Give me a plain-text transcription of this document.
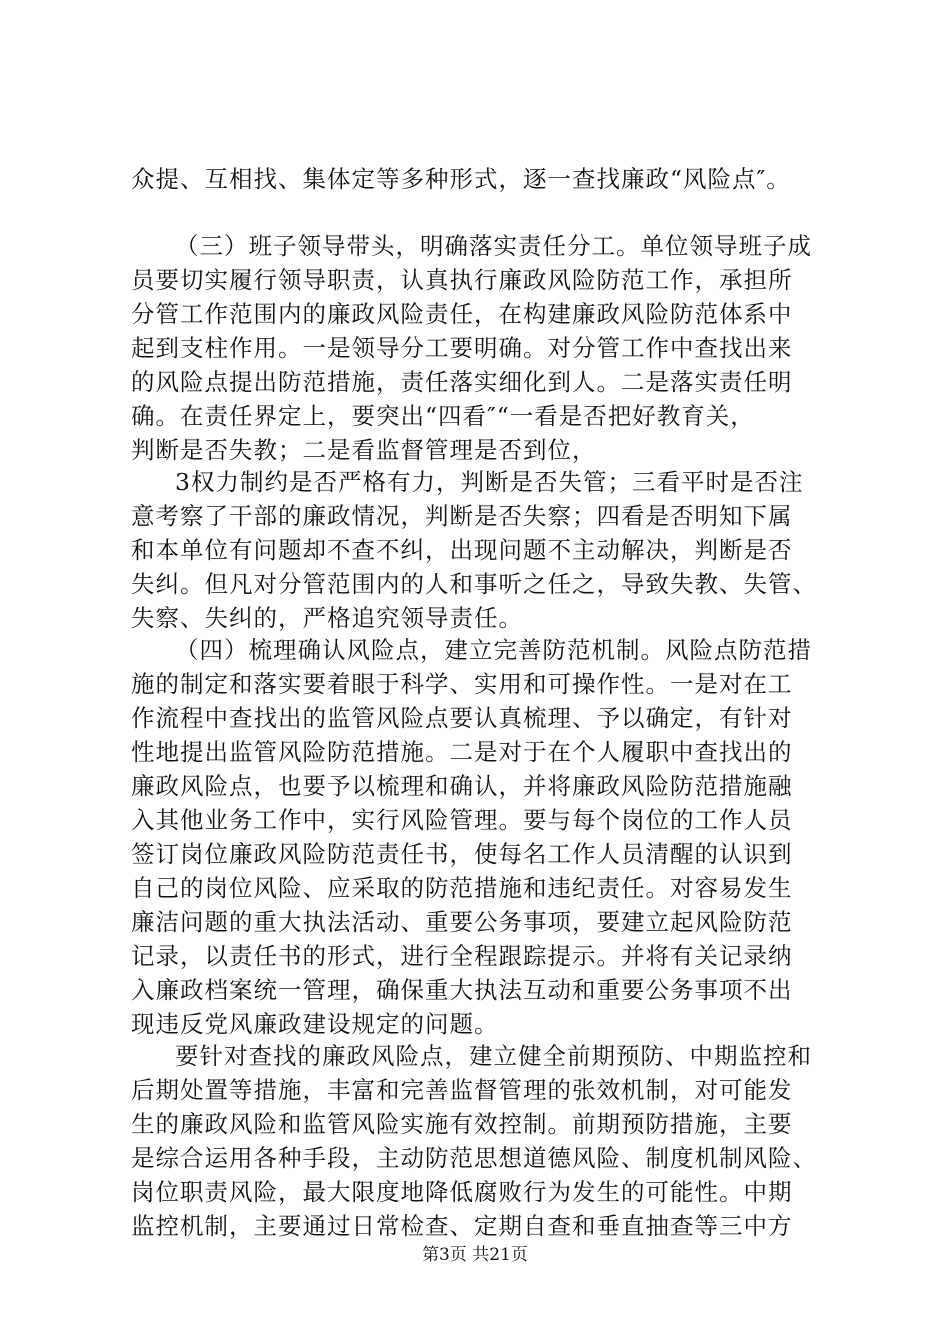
众提、互相找、集体定等多种形式，逐一查找廉政“风险点″。
（三）班子领导带头，明确落实责任分工。单位领导班子成
员要切实履行领导职责，认真执行廉政风险防范工作，承担所
分管工作范围内的廉政风险责任，在构建廉政风险防范体系中
起到支柱作用。一是领导分工要明确。对分管工作中查找出来
的风险点提出防范措施，责任落实细化到人。二是落实责任明
确。在责任界定上，要突出“四看″“一看是否把好教育关，
判断是否失教；二是看监督管理是否到位，
3权力制约是否严格有力，判断是否失管；三看平时是否注
意考察了干部的廉政情况，判断是否失察；四看是否明知下属
和本单位有问题却不查不纠，出现问题不主动解决，判断是否
失纠。但凡对分管范围内的人和事听之任之，导致失教、失管、
失察、失纠的，严格追究领导责任。
（四）梳理确认风险点，建立完善防范机制。风险点防范措
施的制定和落实要着眼于科学、实用和可操作性。一是对在工
作流程中查找出的监管风险点要认真梳理、予以确定，有针对
性地提出监管风险防范措施。二是对于在个人履职中查找出的
廉政风险点，也要予以梳理和确认，并将廉政风险防范措施融
入其他业务工作中，实行风险管理。要与每个岗位的工作人员
签订岗位廉政风险防范责任书，使每名工作人员清醒的认识到
自己的岗位风险、应采取的防范措施和违纪责任。对容易发生
廉洁问题的重大执法活动、重要公务事项，要建立起风险防范
记录，以责任书的形式，进行全程跟踪提示。并将有关记录纳
入廉政档案统一管理，确保重大执法互动和重要公务事项不出
现违反党风廉政建设规定的问题。
要针对查找的廉政风险点，建立健全前期预防、中期监控和
后期处置等措施，丰富和完善监督管理的张效机制，对可能发
生的廉政风险和监管风险实施有效控制。前期预防措施，主要
是综合运用各种手段，主动防范思想道德风险、制度机制风险、
岗位职责风险，最大限度地降低腐败行为发生的可能性。中期
监控机制，主要通过日常检查、定期自查和垂直抽查等三中方
第3页 共21页
